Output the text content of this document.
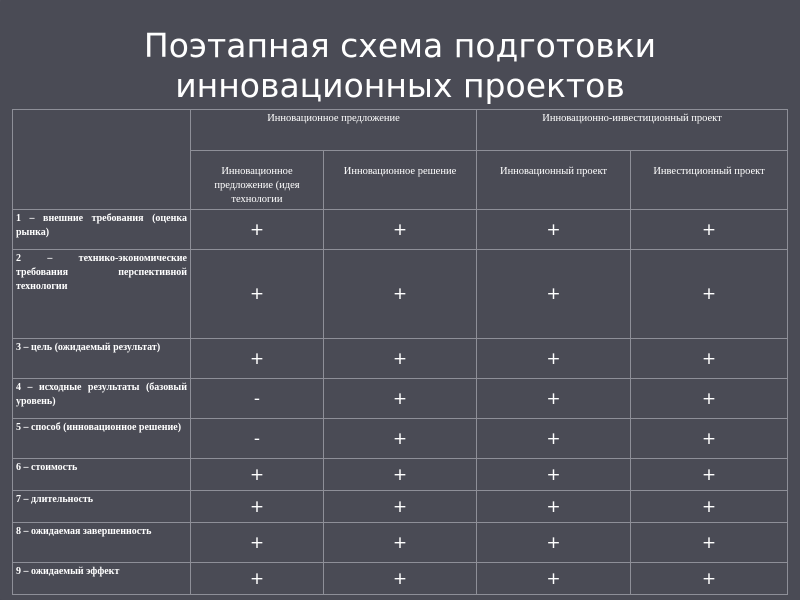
Поэтапная схема подготовки
инновационных проектов
	Инновационное предложение		Инновационно-инвестиционный проект	
	Инновационное предложение (идея технологии	Инновационное решение	Инновационный проект	Инвестиционный проект
1 – внешние требования (оценка рынка)	+	+	+	+
2 – технико-экономические требования перспективной технологии	+	+	+	+
3 – цель (ожидаемый результат)	+	+	+	+
4 – исходные результаты (базовый уровень)	-	+	+	+
5 – способ (инновационное решение)	-	+	+	+
6 – стоимость	+	+	+	+
7 – длительность	+	+	+	+
8 – ожидаемая завершенность	+	+	+	+
9 – ожидаемый эффект	+	+	+	+
